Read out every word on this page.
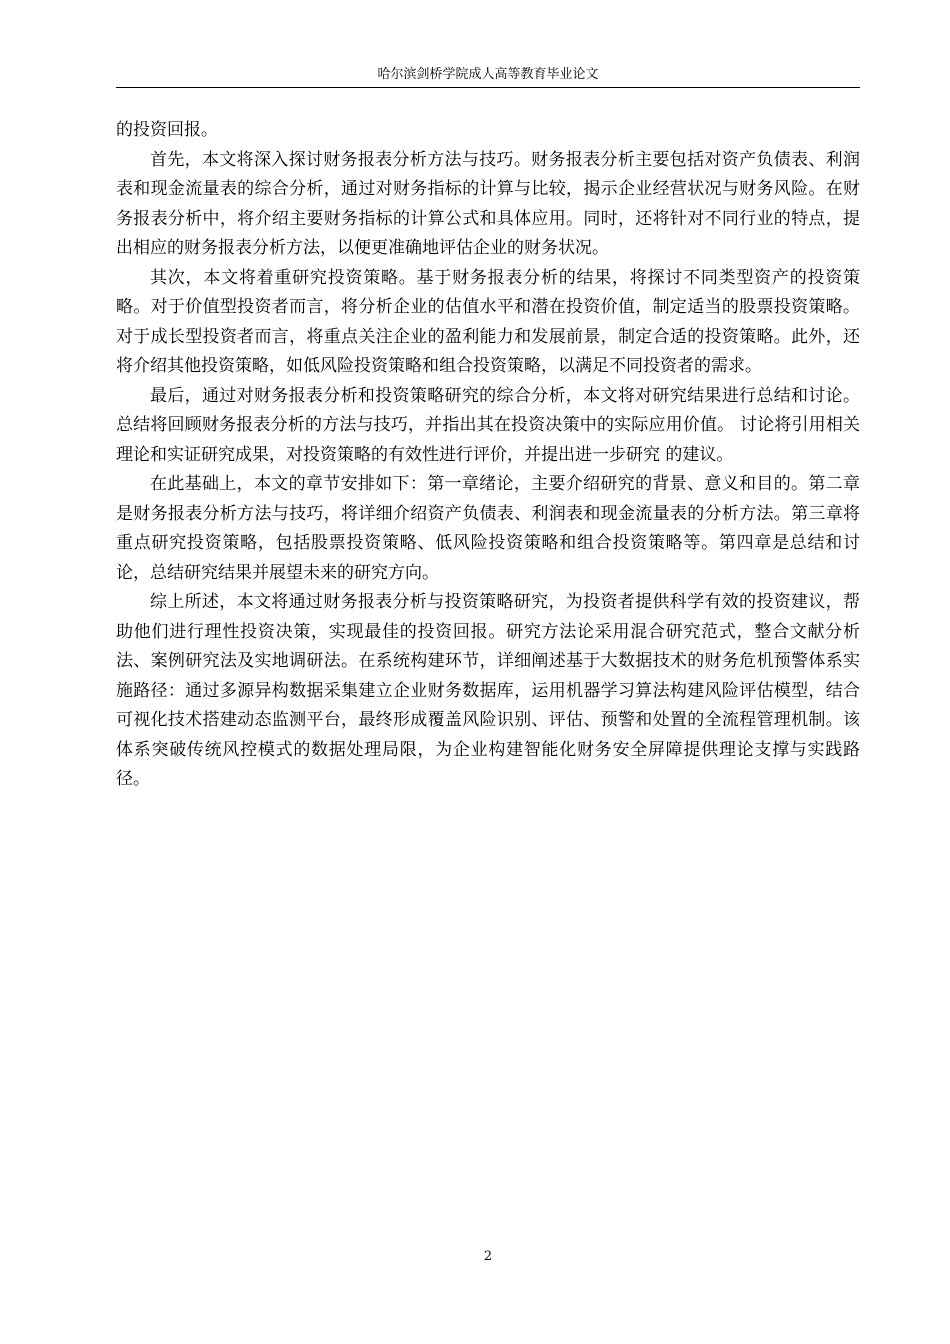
哈尔滨剑桥学院成人高等教育毕业论文

的投资回报。

首先，本文将深入探讨财务报表分析方法与技巧。财务报表分析主要包括对资产负债表、利润表和现金流量表的综合分析，通过对财务指标的计算与比较，揭示企业经营状况与财务风险。在财务报表分析中，将介绍主要财务指标的计算公式和具体应用。同时，还将针对不同行业的特点，提出相应的财务报表分析方法，以便更准确地评估企业的财务状况。

其次，本文将着重研究投资策略。基于财务报表分析的结果，将探讨不同类型资产的投资策略。对于价值型投资者而言，将分析企业的估值水平和潜在投资价值，制定适当的股票投资策略。对于成长型投资者而言，将重点关注企业的盈利能力和发展前景，制定合适的投资策略。此外，还将介绍其他投资策略，如低风险投资策略和组合投资策略，以满足不同投资者的需求。

最后，通过对财务报表分析和投资策略研究的综合分析，本文将对研究结果进行总结和讨论。总结将回顾财务报表分析的方法与技巧，并指出其在投资决策中的实际应用价值。 讨论将引用相关理论和实证研究成果，对投资策略的有效性进行评价，并提出进一步研究 的建议。

在此基础上，本文的章节安排如下：第一章绪论，主要介绍研究的背景、意义和目的。第二章是财务报表分析方法与技巧，将详细介绍资产负债表、利润表和现金流量表的分析方法。第三章将重点研究投资策略，包括股票投资策略、低风险投资策略和组合投资策略等。第四章是总结和讨论，总结研究结果并展望未来的研究方向。

综上所述，本文将通过财务报表分析与投资策略研究，为投资者提供科学有效的投资建议，帮助他们进行理性投资决策，实现最佳的投资回报。研究方法论采用混合研究范式，整合文献分析法、案例研究法及实地调研法。在系统构建环节，详细阐述基于大数据技术的财务危机预警体系实施路径：通过多源异构数据采集建立企业财务数据库，运用机器学习算法构建风险评估模型，结合可视化技术搭建动态监测平台，最终形成覆盖风险识别、评估、预警和处置的全流程管理机制。该体系突破传统风控模式的数据处理局限，为企业构建智能化财务安全屏障提供理论支撑与实践路径。

2
